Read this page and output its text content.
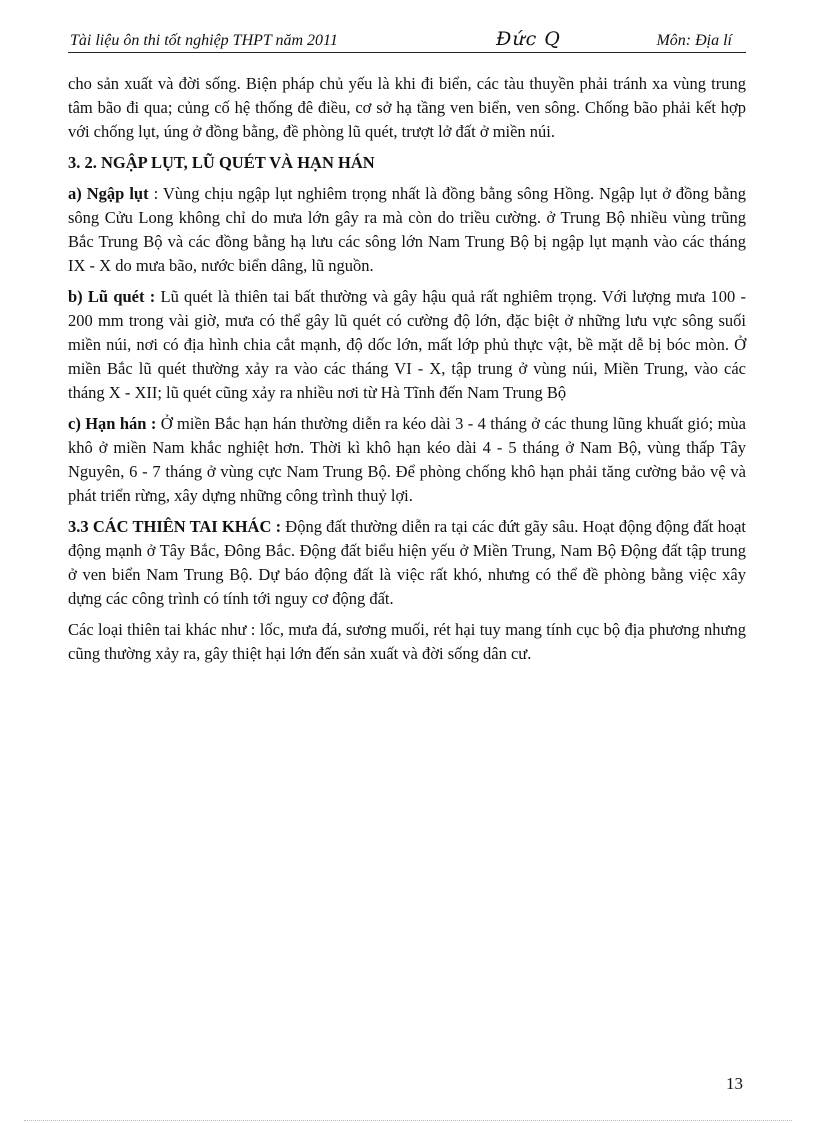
Tài liệu ôn thi tốt nghiệp THPT năm 2011	Đức Q	Môn: Địa lí

cho sản xuất và đời sống. Biện pháp chủ yếu là khi đi biển, các tàu thuyền phải tránh xa vùng trung tâm bão đi qua; củng cố hệ thống đê điều, cơ sở hạ tầng ven biển, ven sông. Chống bão phải kết hợp với chống lụt, úng ở đồng bằng, đề phòng lũ quét, trượt lở đất ở miền núi.

3. 2. NGẬP LỤT, LŨ QUÉT VÀ HẠN HÁN

a) Ngập lụt : Vùng chịu ngập lụt nghiêm trọng nhất là đồng bằng sông Hồng. Ngập lụt ở đồng bằng sông Cửu Long không chỉ do mưa lớn gây ra mà còn do triều cường. ở Trung Bộ nhiều vùng trũng Bắc Trung Bộ và các đồng bằng hạ lưu các sông lớn Nam Trung Bộ bị ngập lụt mạnh vào các tháng IX - X do mưa bão, nước biển dâng, lũ nguồn.

b) Lũ quét : Lũ quét là thiên tai bất thường và gây hậu quả rất nghiêm trọng. Với lượng mưa 100 - 200 mm trong vài giờ, mưa có thể gây lũ quét có cường độ lớn, đặc biệt ở những lưu vực sông suối miền núi, nơi có địa hình chia cắt mạnh, độ dốc lớn, mất lớp phủ thực vật, bề mặt dễ bị bóc mòn. Ở miền Bắc lũ quét thường xảy ra vào các tháng VI - X, tập trung ở vùng núi, Miền Trung, vào các tháng X - XII; lũ quét cũng xảy ra nhiều nơi từ Hà Tĩnh đến Nam Trung Bộ

c) Hạn hán : Ở miền Bắc hạn hán thường diễn ra kéo dài 3 - 4 tháng ở các thung lũng khuất gió; mùa khô ở miền Nam khắc nghiệt hơn. Thời kì khô hạn kéo dài 4 - 5 tháng ở Nam Bộ, vùng thấp Tây Nguyên, 6 - 7 tháng ở vùng cực Nam Trung Bộ. Để phòng chống khô hạn phải tăng cường bảo vệ và phát triển rừng, xây dựng những công trình thuỷ lợi.

3.3 CÁC THIÊN TAI KHÁC : Động đất thường diễn ra tại các đứt gãy sâu. Hoạt động động đất hoạt động mạnh ở Tây Bắc, Đông Bắc. Động đất biểu hiện yếu ở Miền Trung, Nam Bộ Động đất tập trung ở ven biển Nam Trung Bộ. Dự báo động đất là việc rất khó, nhưng có thể đề phòng bằng việc xây dựng các công trình có tính tới nguy cơ động đất.

Các loại thiên tai khác như : lốc, mưa đá, sương muối, rét hại tuy mang tính cục bộ địa phương nhưng cũng thường xảy ra, gây thiệt hại lớn đến sản xuất và đời sống dân cư.

13
